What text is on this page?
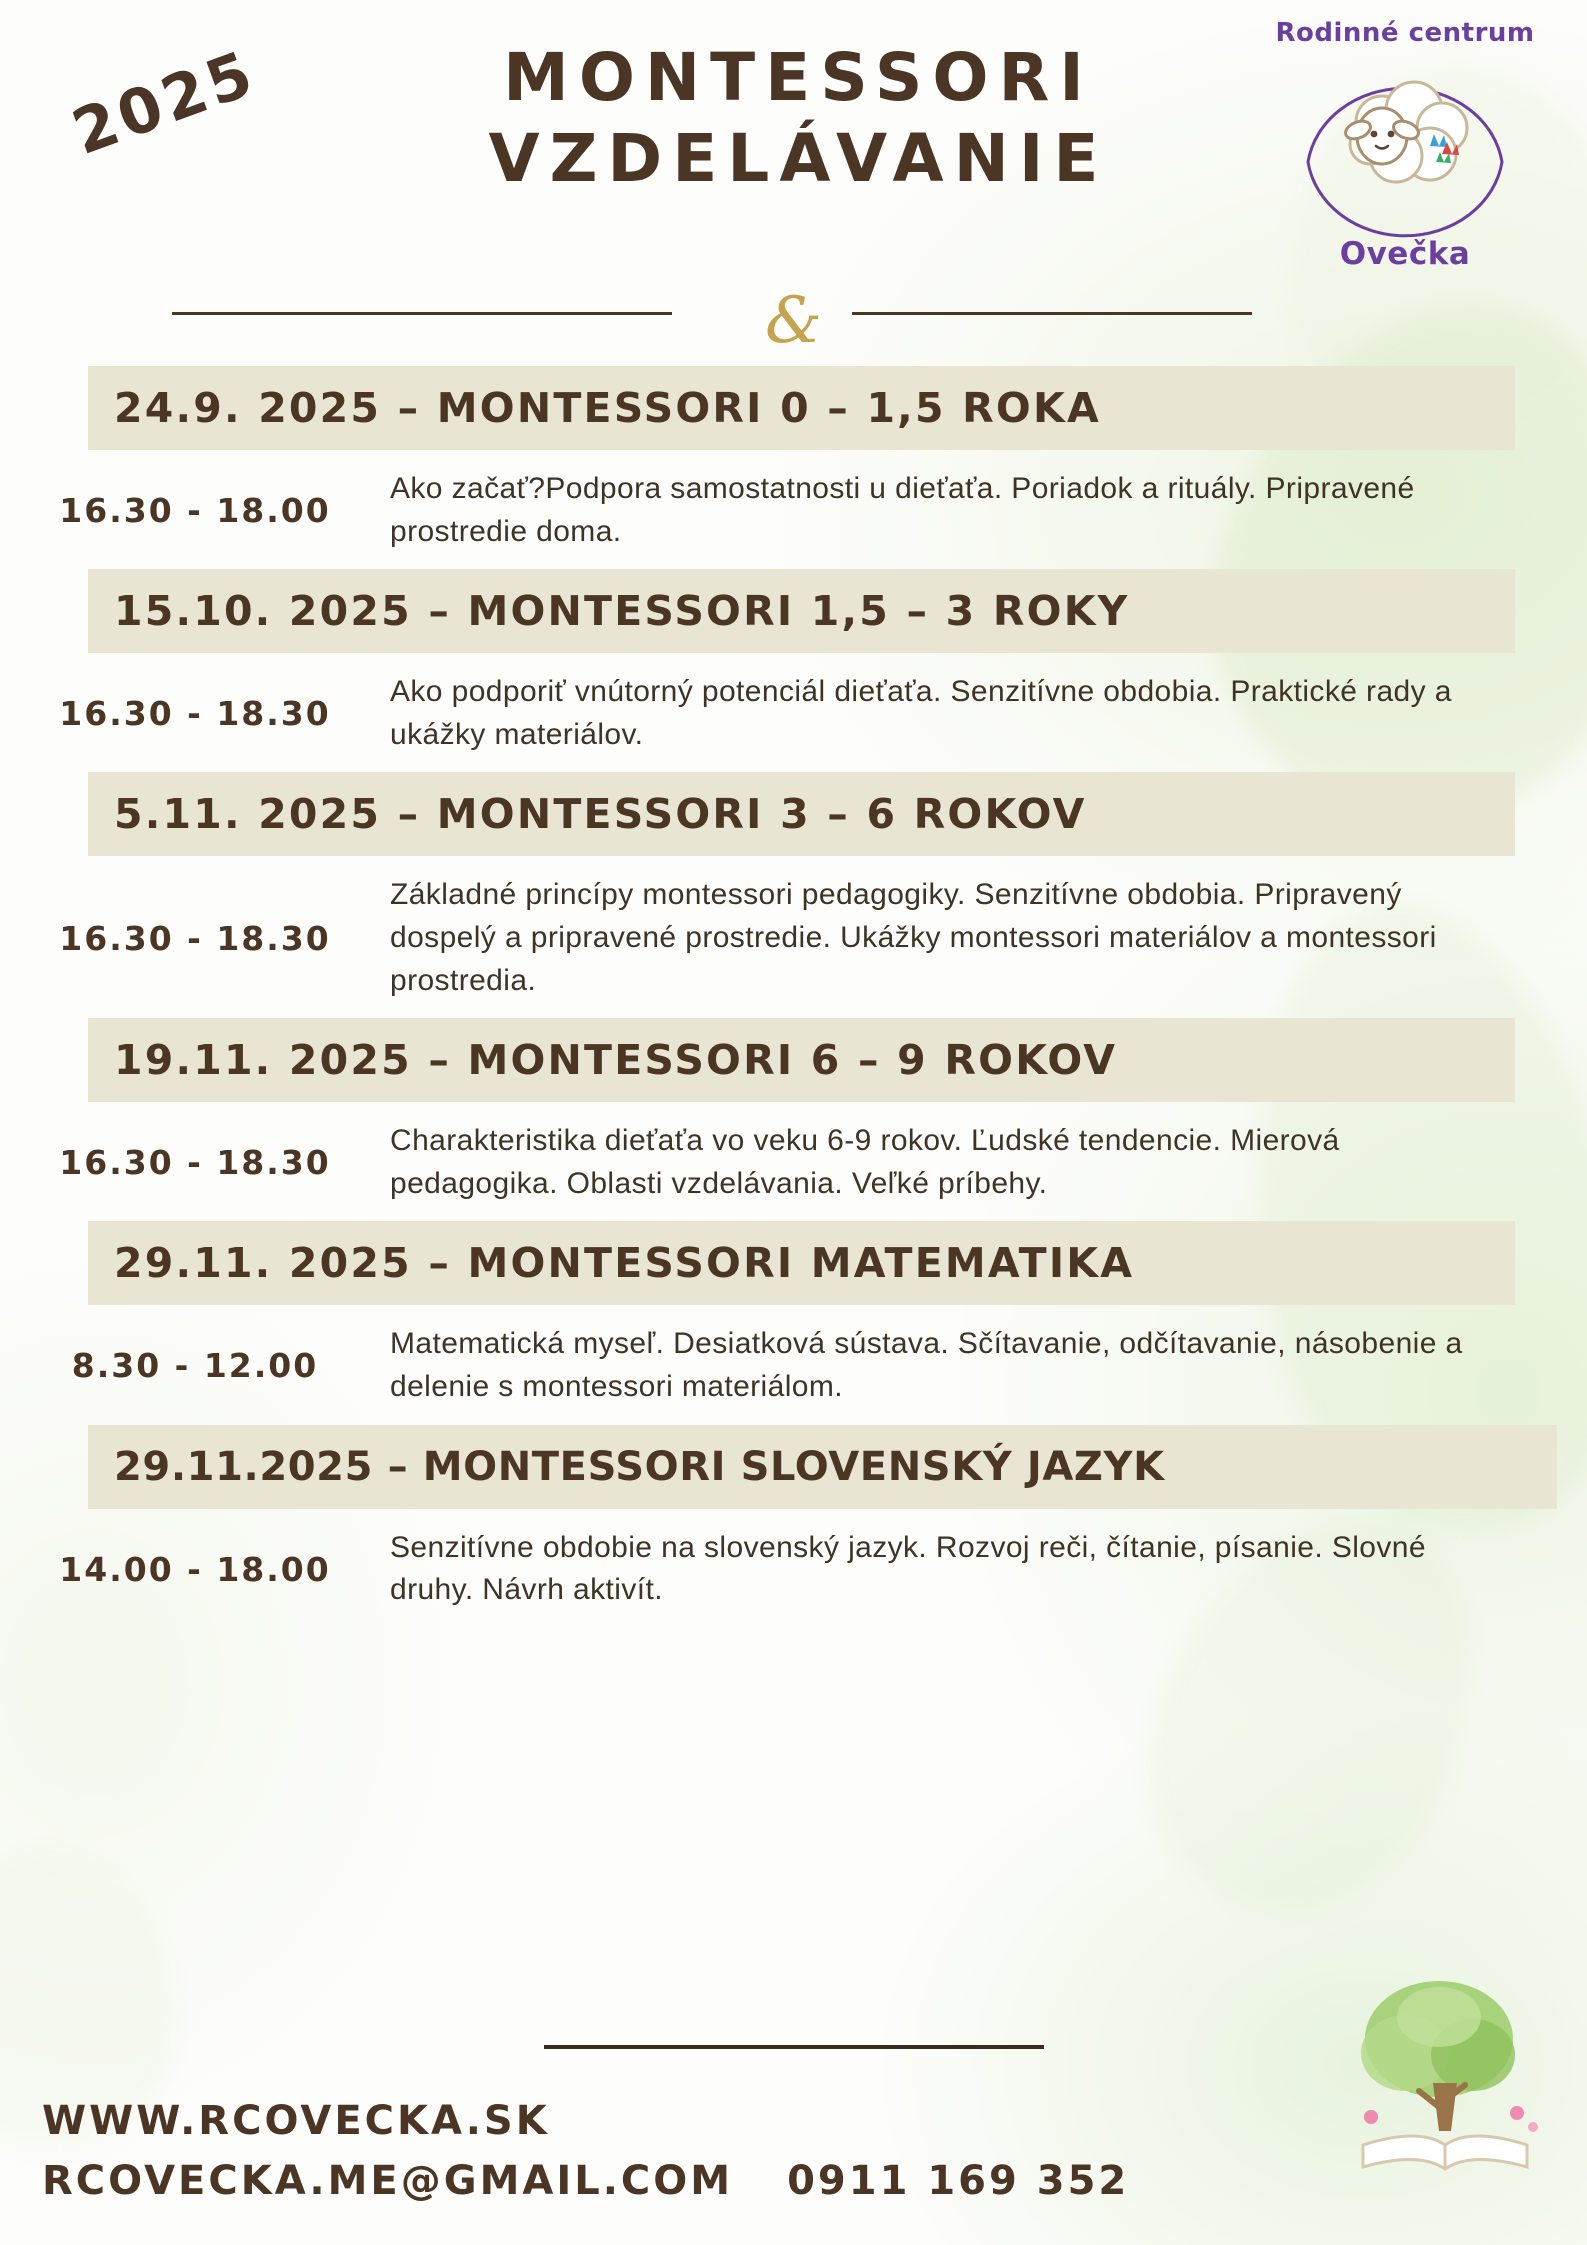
2025	MONTESSORI
VZDELÁVANIE
&
Rodinné centrum
Ovečka
24.9. 2025 – MONTESSORI 0 – 1,5 ROKA
16.30 - 18.00
Ako začať?Podpora samostatnosti u dieťaťa. Poriadok a rituály. Pripravené prostredie doma.
15.10. 2025 – MONTESSORI 1,5 – 3 ROKY
16.30 - 18.30
Ako podporiť vnútorný potenciál dieťaťa. Senzitívne obdobia. Praktické rady a ukážky materiálov.
5.11. 2025 – MONTESSORI 3 – 6 ROKOV
16.30 - 18.30
Základné princípy montessori pedagogiky. Senzitívne obdobia. Pripravený dospelý a pripravené prostredie. Ukážky montessori materiálov a montessori prostredia.
19.11. 2025 – MONTESSORI 6 – 9 ROKOV
16.30 - 18.30
Charakteristika dieťaťa vo veku 6-9 rokov. Ľudské tendencie. Mierová pedagogika. Oblasti vzdelávania. Veľké príbehy.
29.11. 2025 – MONTESSORI MATEMATIKA
8.30 - 12.00
Matematická myseľ. Desiatková sústava. Sčítavanie, odčítavanie, násobenie a delenie s montessori materiálom.
29.11.2025 – MONTESSORI SLOVENSKÝ JAZYK
14.00 - 18.00
Senzitívne obdobie na slovenský jazyk. Rozvoj reči, čítanie, písanie. Slovné druhy. Návrh aktivít.
WWW.RCOVECKA.SK
RCOVECKA.ME@GMAIL.COM 0911 169 352
